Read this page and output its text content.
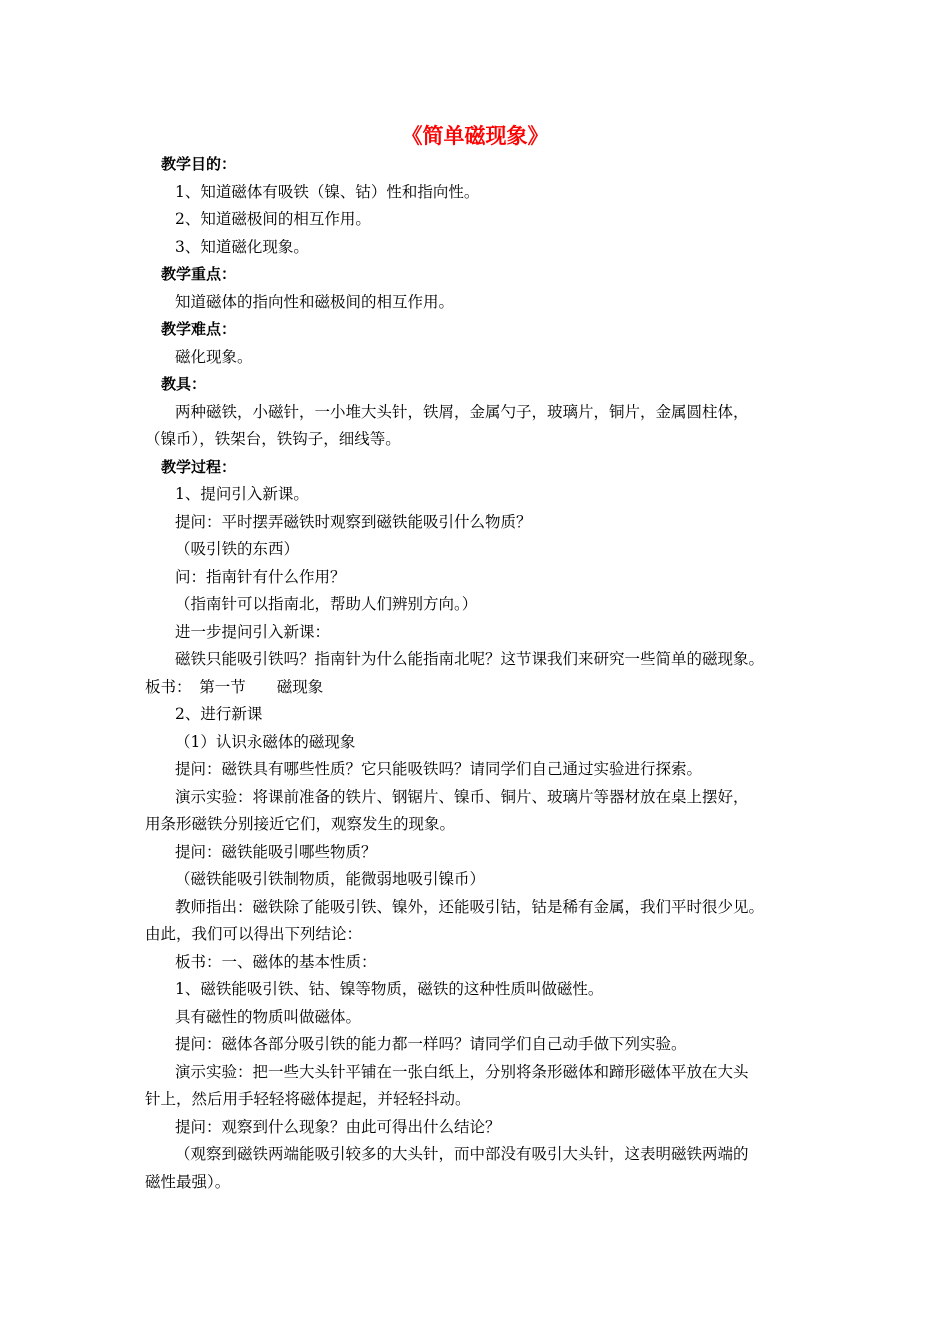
《简单磁现象》
教学目的：
1、知道磁体有吸铁（镍、钴）性和指向性。
2、知道磁极间的相互作用。
3、知道磁化现象。
教学重点：
知道磁体的指向性和磁极间的相互作用。
教学难点：
磁化现象。
教具：
两种磁铁，小磁针，一小堆大头针，铁屑，金属勺子，玻璃片，铜片，金属圆柱体，
（镍币），铁架台，铁钩子，细线等。
教学过程：
1、提问引入新课。
提问：平时摆弄磁铁时观察到磁铁能吸引什么物质？
（吸引铁的东西）
问：指南针有什么作用？
（指南针可以指南北，帮助人们辨别方向。）
进一步提问引入新课：
磁铁只能吸引铁吗？指南针为什么能指南北呢？这节课我们来研究一些简单的磁现象。
板书：　第一节　　磁现象
2、进行新课
（1）认识永磁体的磁现象
提问：磁铁具有哪些性质？它只能吸铁吗？请同学们自己通过实验进行探索。
演示实验：将课前准备的铁片、钢锯片、镍币、铜片、玻璃片等器材放在桌上摆好，
用条形磁铁分别接近它们，观察发生的现象。
提问：磁铁能吸引哪些物质？
（磁铁能吸引铁制物质，能微弱地吸引镍币）
教师指出：磁铁除了能吸引铁、镍外，还能吸引钴，钴是稀有金属，我们平时很少见。
由此，我们可以得出下列结论：
板书：一、磁体的基本性质：
1、磁铁能吸引铁、钴、镍等物质，磁铁的这种性质叫做磁性。
具有磁性的物质叫做磁体。
提问：磁体各部分吸引铁的能力都一样吗？请同学们自己动手做下列实验。
演示实验：把一些大头针平铺在一张白纸上，分别将条形磁体和蹄形磁体平放在大头
针上，然后用手轻轻将磁体提起，并轻轻抖动。
提问：观察到什么现象？由此可得出什么结论？
（观察到磁铁两端能吸引较多的大头针，而中部没有吸引大头针，这表明磁铁两端的
磁性最强）。
